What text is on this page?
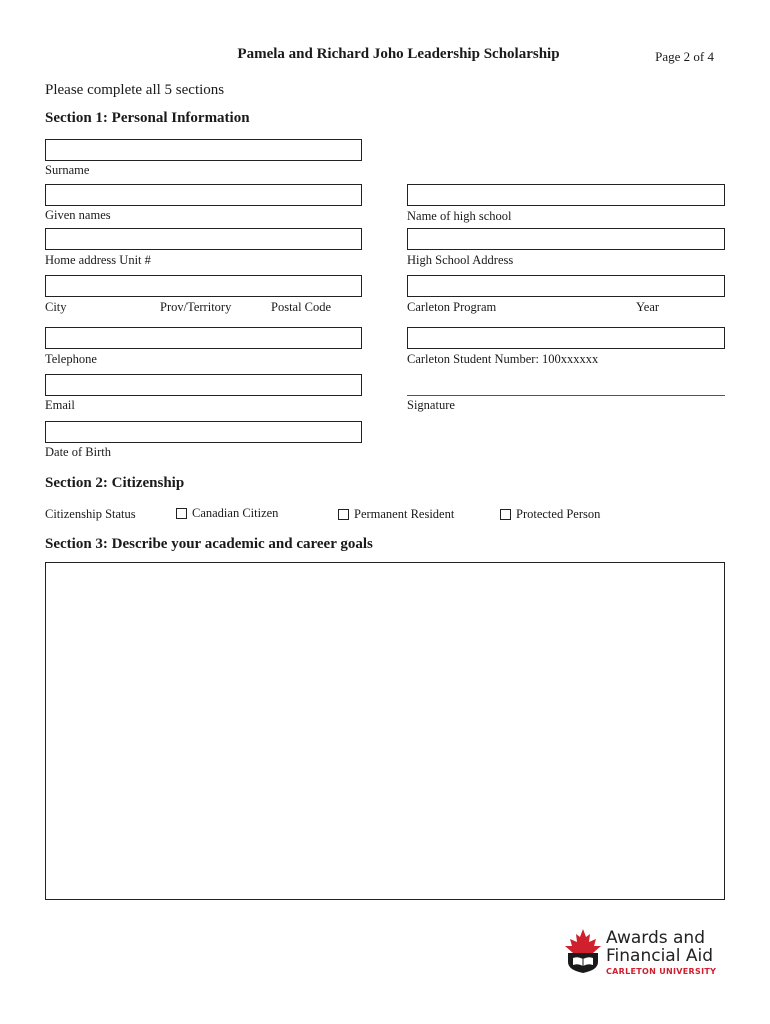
Pamela and Richard Joho Leadership Scholarship	Page 2 of 4
Please complete all 5 sections
Section 1: Personal Information
Surname
Given names
Home address Unit #
City	Prov/Territory	Postal Code
Telephone
Email
Date of Birth
Name of high school
High School Address
Carleton Program	Year
Carleton Student Number: 100xxxxxx
Signature
Section 2: Citizenship
Citizenship Status	Canadian Citizen	Permanent Resident	Protected Person
Section 3: Describe your academic and career goals
Awards and
Financial Aid
CARLETON UNIVERSITY
